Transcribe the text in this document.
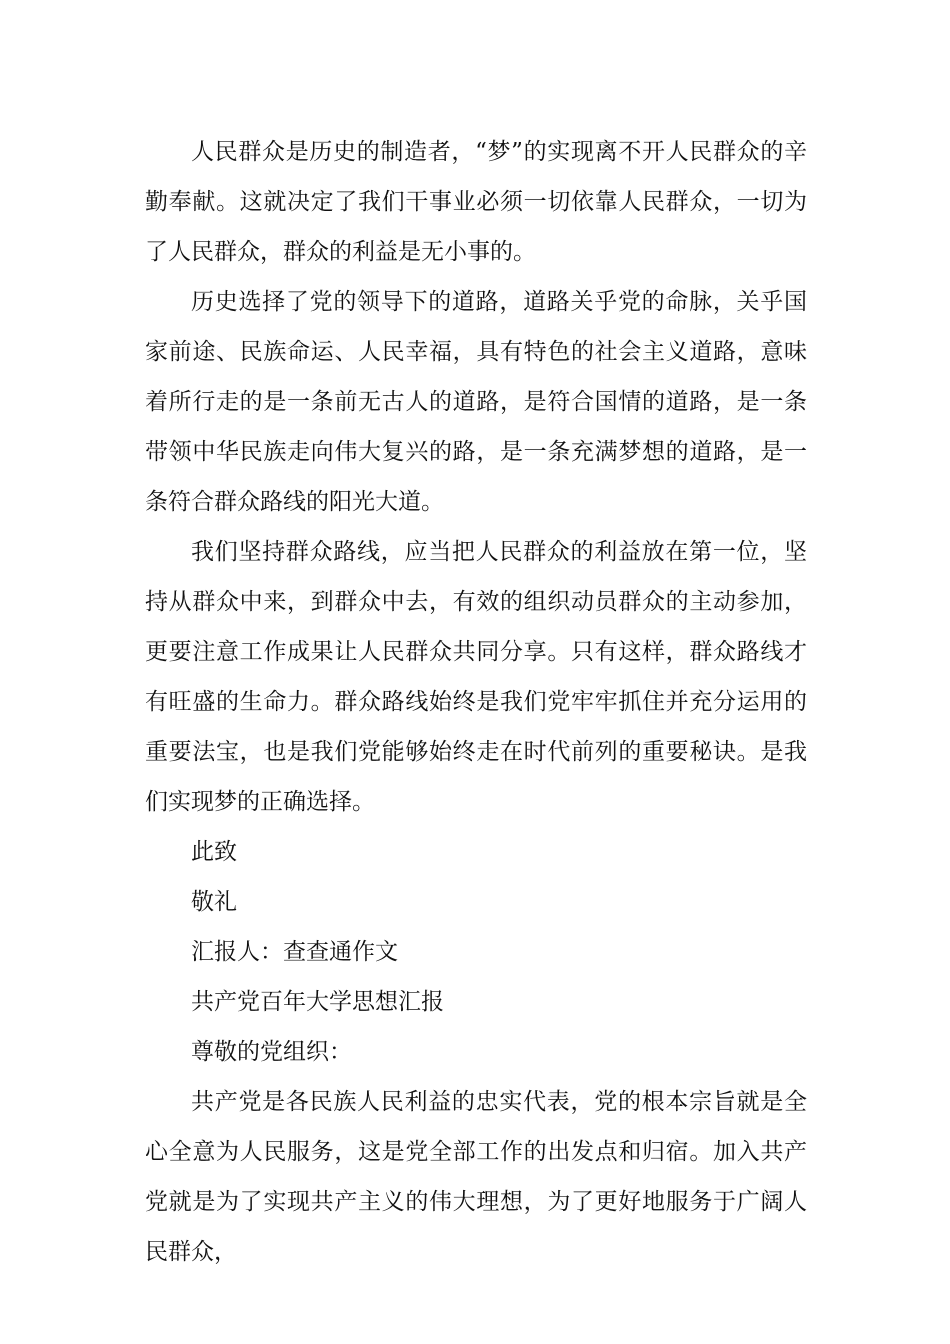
人民群众是历史的制造者，“梦”的实现离不开人民群众的辛勤奉献。这就决定了我们干事业必须一切依靠人民群众，一切为了人民群众，群众的利益是无小事的。

历史选择了党的领导下的道路，道路关乎党的命脉，关乎国家前途、民族命运、人民幸福，具有特色的社会主义道路，意味着所行走的是一条前无古人的道路，是符合国情的道路，是一条带领中华民族走向伟大复兴的路，是一条充满梦想的道路，是一条符合群众路线的阳光大道。

我们坚持群众路线，应当把人民群众的利益放在第一位，坚持从群众中来，到群众中去，有效的组织动员群众的主动参加，更要注意工作成果让人民群众共同分享。只有这样，群众路线才有旺盛的生命力。群众路线始终是我们党牢牢抓住并充分运用的重要法宝，也是我们党能够始终走在时代前列的重要秘诀。是我们实现梦的正确选择。

此致

敬礼

汇报人：查查通作文

共产党百年大学思想汇报

尊敬的党组织：

共产党是各民族人民利益的忠实代表，党的根本宗旨就是全心全意为人民服务，这是党全部工作的出发点和归宿。加入共产党就是为了实现共产主义的伟大理想，为了更好地服务于广阔人民群众，
